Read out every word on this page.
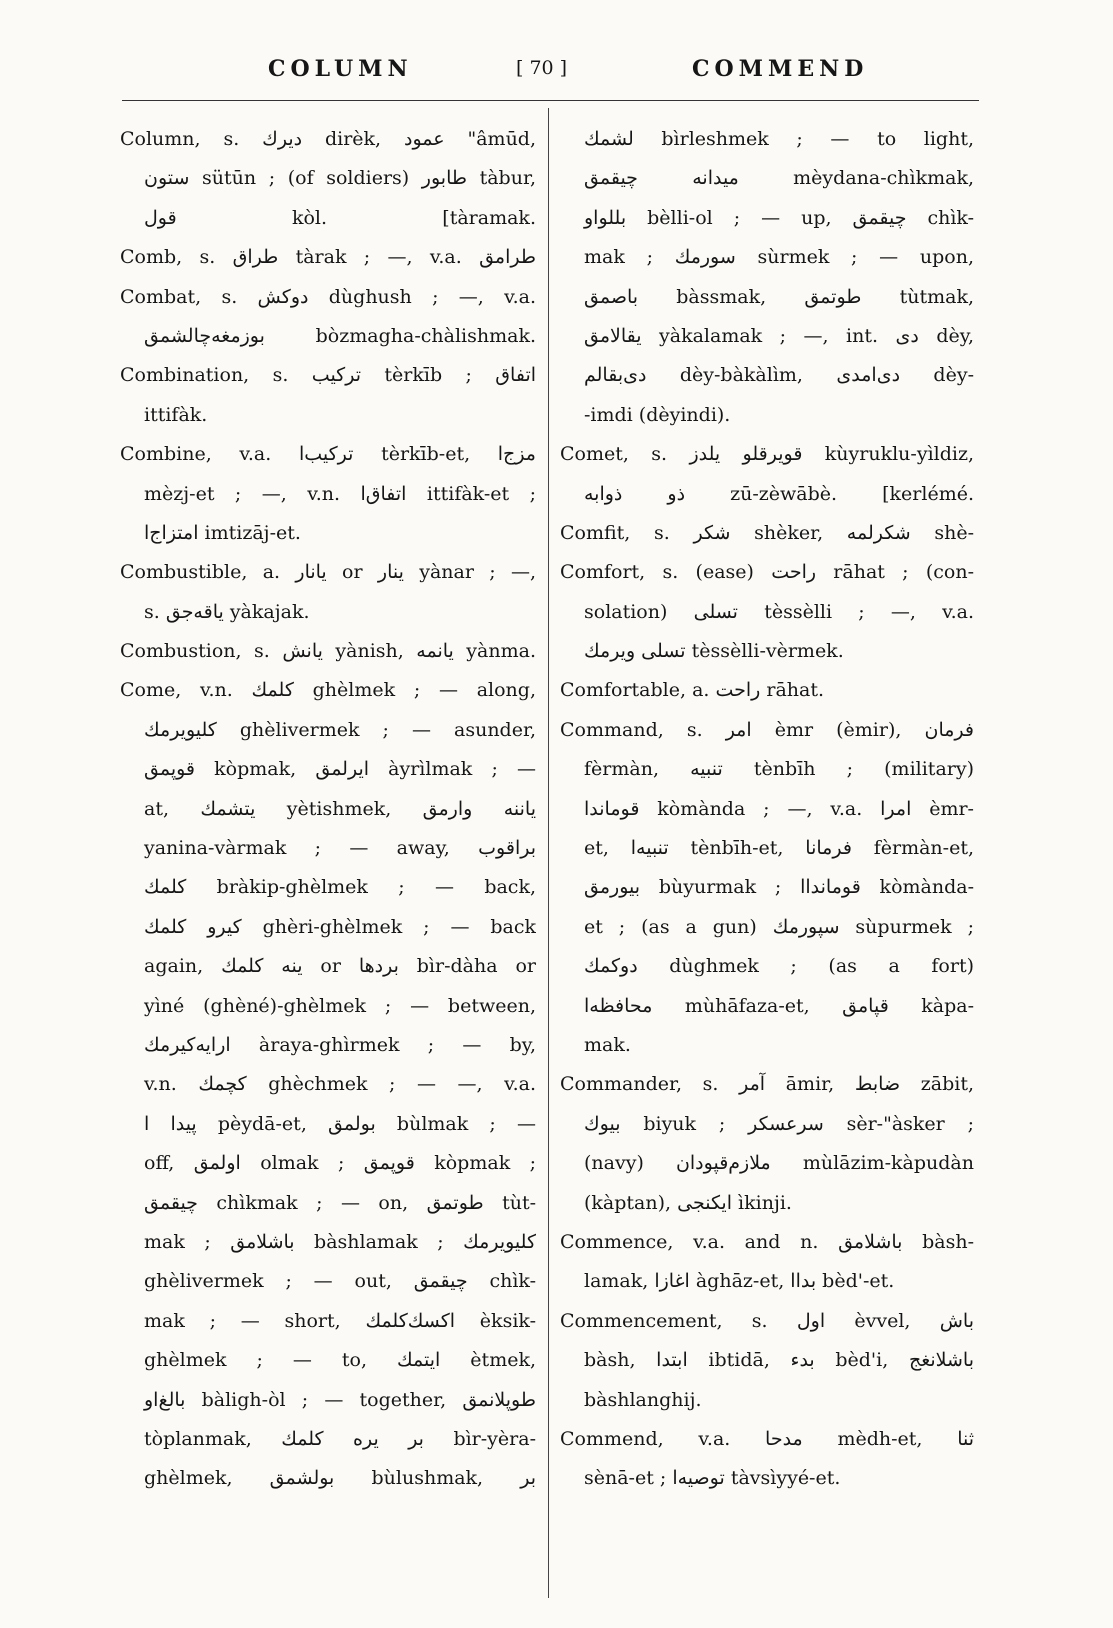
COLUMN	[ 70 ]	COMMEND
Column, s. دیرك dirèk, عمود "âmūd,
ستون sütūn ; (of soldiers) طابور tàbur,
قول kòl. [tàramak.
Comb, s. طراق tàrak ; —, v.a. طرامق
Combat, s. دوکش dùghush ; —, v.a.
بوزمغه‌چالشمق bòzmagha-chàlishmak.
Combination, s. ترکیب tèrkīb ; اتفاق
ittifàk.
Combine, v.a. ترکیب‌ا tèrkīb-et, مزج‌ا
mèzj-et ; —, v.n. اتفاق‌ا ittifàk-et ;
امتزاج‌ا imtizāj-et.
Combustible, a. یانار or ینار yànar ; —,
s. یاقه‌جق yàkajak.
Combustion, s. یانش yànish, یانمه yànma.
Come, v.n. کلمك ghèlmek ; — along,
کلیویرمك ghèlivermek ; — asunder,
قوپمق kòpmak, ایرلمق àyrìlmak ; —
at, یتشمك yètishmek, یاننه وارمق
yanina-vàrmak ; — away, براقوب
کلمك bràkip-ghèlmek ; — back,
کیرو کلمك ghèri-ghèlmek ; — back
again, ینه کلمك or بردها bìr-dàha or
yìné (ghèné)-ghèlmek ; — between,
ارایه‌کیرمك àraya-ghìrmek ; — by,
v.n. کچمك ghèchmek ; — —, v.a.
پیدا ا pèydā-et, بولمق bùlmak ; —
off, اولمق olmak ; قوپمق kòpmak ;
چیقمق chìkmak ; — on, طوتمق tùt-
mak ; باشلامق bàshlamak ; کلیویرمك
ghèlivermek ; — out, چیقمق chìk-
mak ; — short, اکسك‌کلمك èksik-
ghèlmek ; — to, ایتمك ètmek,
بالغ‌او bàligh-òl ; — together, طوپلانمق
tòplanmak, بر یره کلمك bìr-yèra-
ghèlmek, بولشمق bùlushmak, بر
لشمك bìrleshmek ; — to light,
میدانه چیقمق mèydana-chìkmak,
بللواو bèlli-ol ; — up, چیقمق chìk-
mak ; سورمك sùrmek ; — upon,
باصمق bàssmak, طوتمق tùtmak,
یقالامق yàkalamak ; —, int. دی dèy,
دی‌بقالم dèy-bàkàlìm, دی‌امدی dèy-
-imdi (dèyindi).
Comet, s. قویرقلو یلدز kùyruklu-yìldiz,
ذو ذوابه zū-zèwābè. [kerlémé.
Comfit, s. شکر shèker, شکرلمه shè-
Comfort, s. (ease) راحت rāhat ; (con-
solation) تسلی tèssèlli ; —, v.a.
تسلی ویرمك tèssèlli-vèrmek.
Comfortable, a. راحت rāhat.
Command, s. امر èmr (èmir), فرمان
fèrmàn, تنبیه tènbīh ; (military)
قوماندا kòmànda ; —, v.a. امرا èmr-
et, تنبیه‌ا tènbīh-et, فرمانا fèrmàn-et,
بیورمق bùyurmak ; قومانداا kòmànda-
et ; (as a gun) سپورمك sùpurmek ;
دوکمك dùghmek ; (as a fort)
محافظه‌ا mùhāfaza-et, قپامق kàpa-
mak.
Commander, s. آمر āmir, ضابط zābit,
بیوك biyuk ; سرعسکر sèr-"àsker ;
(navy) ملازم‌قپودان mùlāzim-kàpudàn
(kàptan), ایکنجی ìkinji.
Commence, v.a. and n. باشلامق bàsh-
lamak, اغازا àghāz-et, بداا bèd'-et.
Commencement, s. اول èvvel, باش
bàsh, ابتدا ibtidā, بدء bèd'i, باشلانغج
bàshlanghij.
Commend, v.a. مدحا mèdh-et, ثنا
sènā-et ; توصیه‌ا tàvsìyyé-et.
